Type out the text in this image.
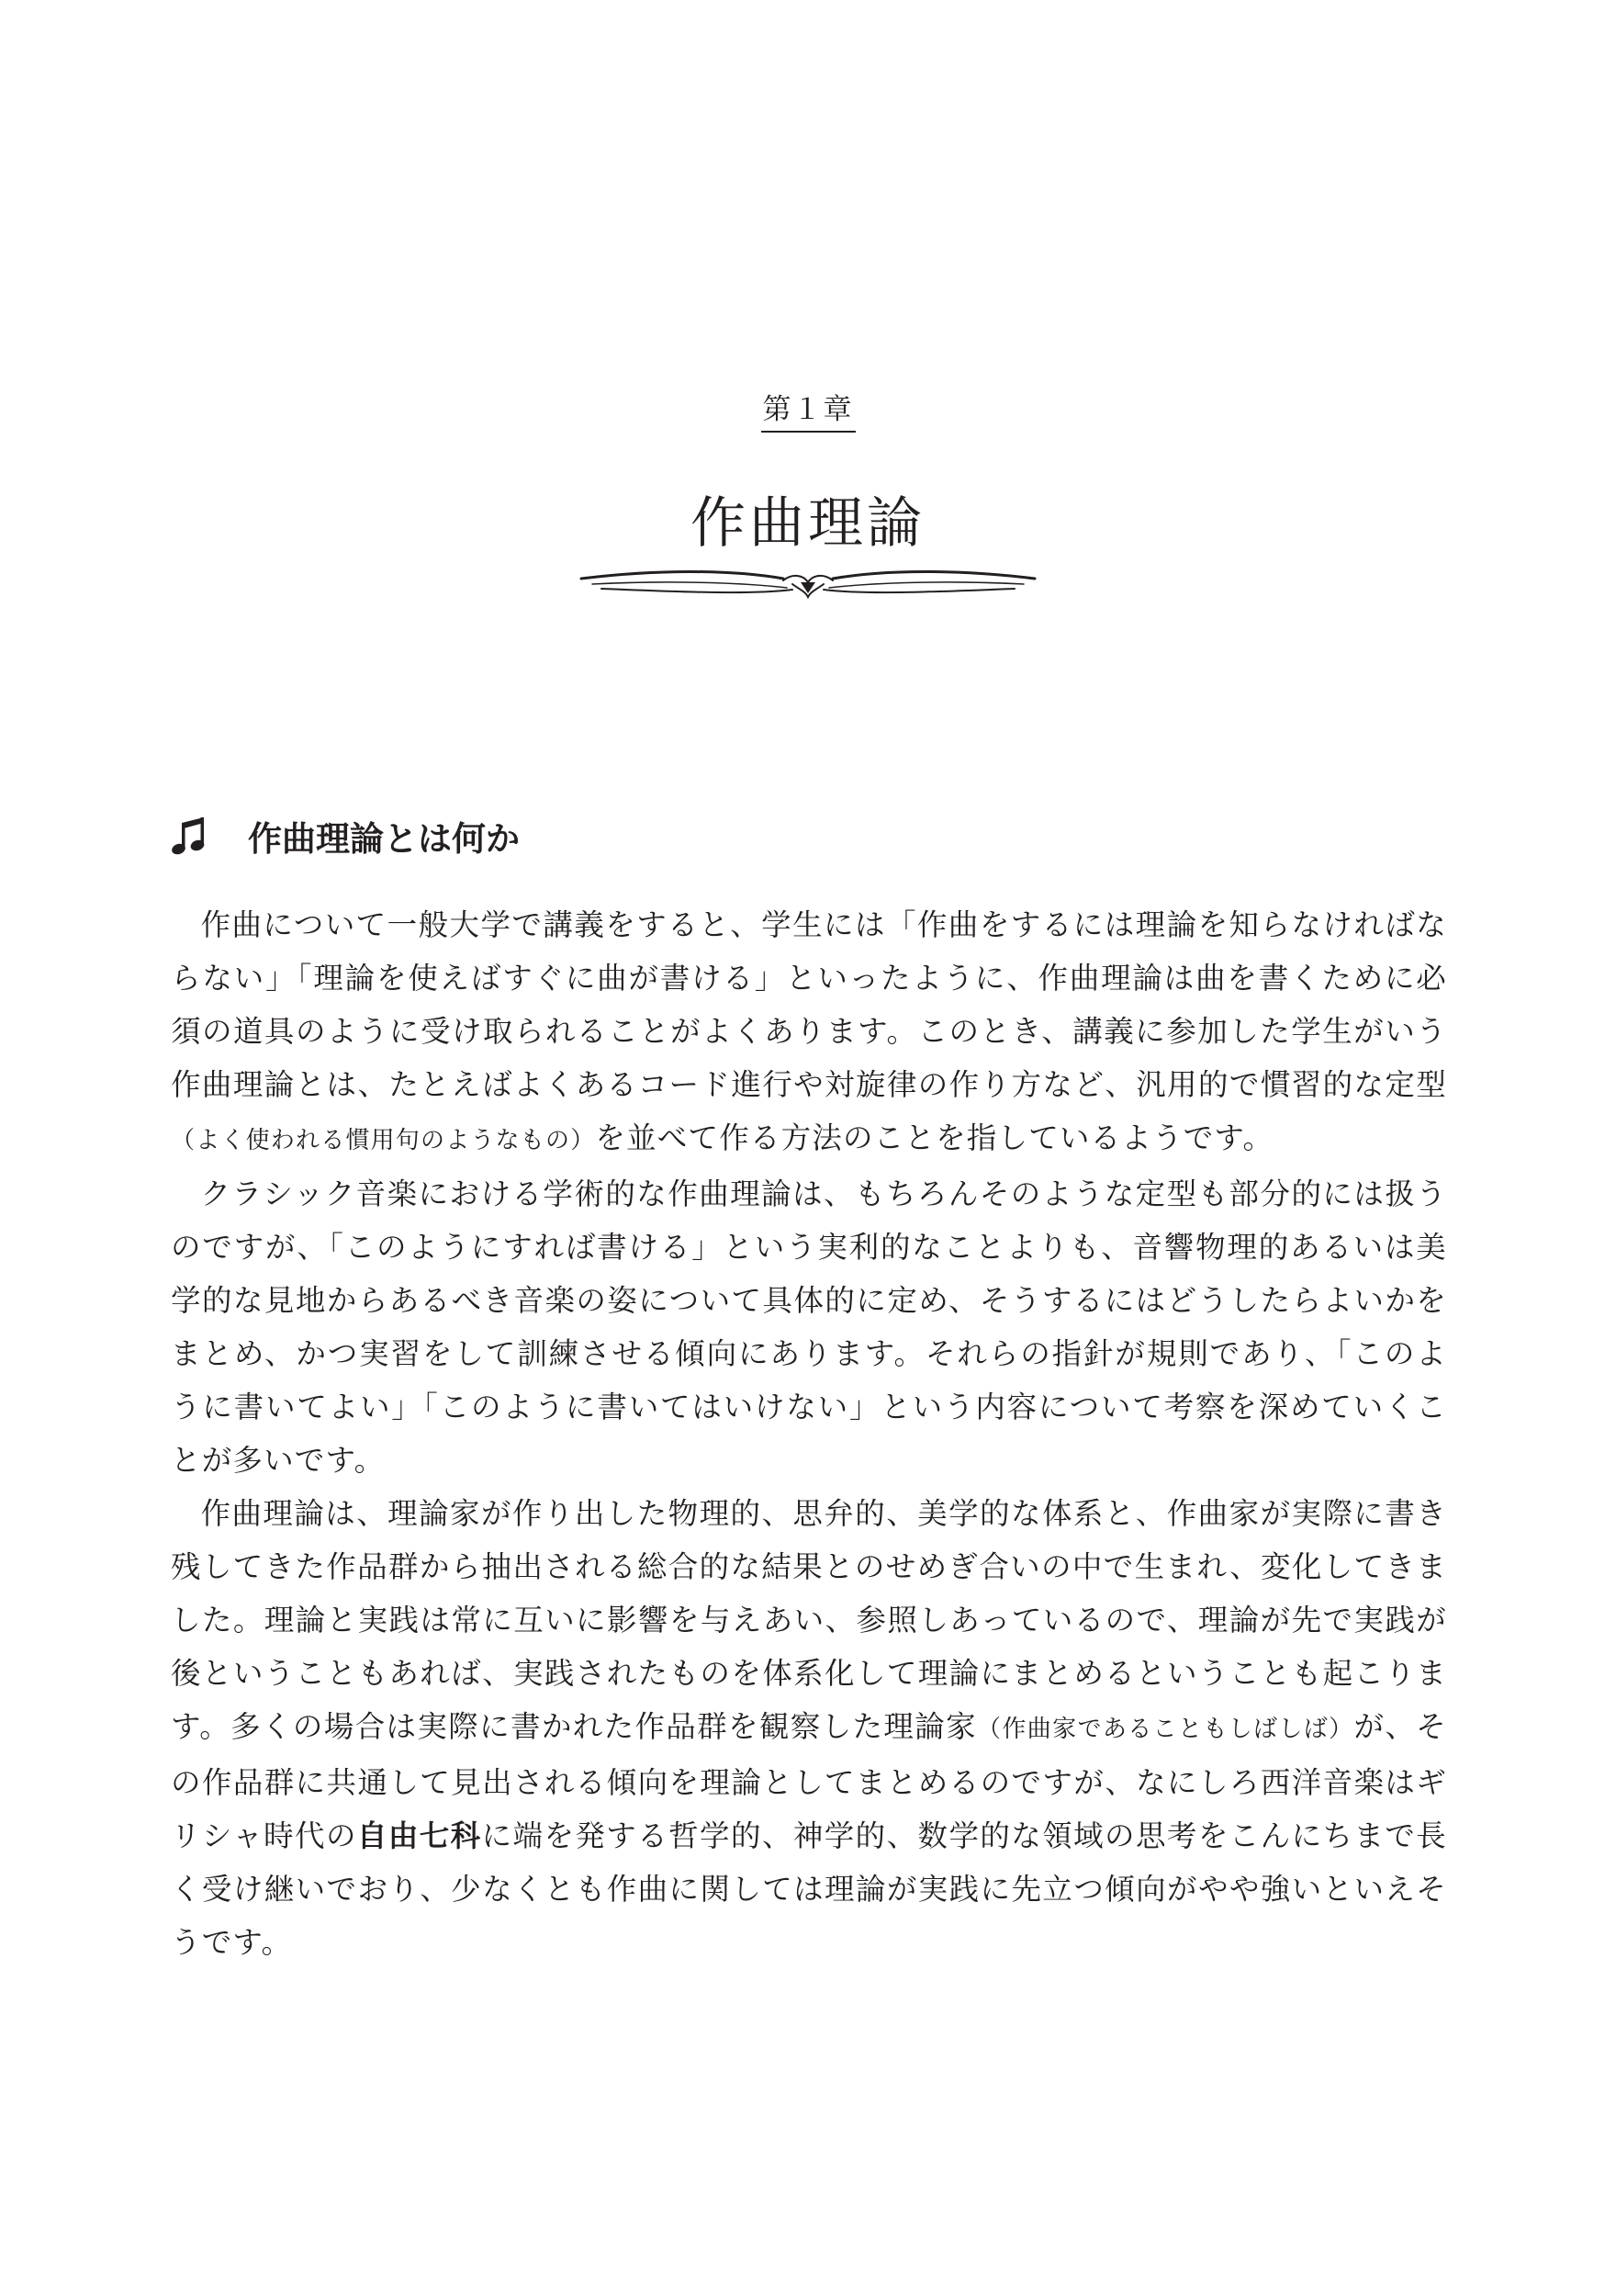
第１章
作曲理論
作曲理論とは何か

作曲について一般大学で講義をすると、学生には「作曲をするには理論を知らなければならない」「理論を使えばすぐに曲が書ける」といったように、作曲理論は曲を書くために必須の道具のように受け取られることがよくあります。このとき、講義に参加した学生がいう作曲理論とは、たとえばよくあるコード進行や対旋律の作り方など、汎用的で慣習的な定型（よく使われる慣用句のようなもの）を並べて作る方法のことを指しているようです。

クラシック音楽における学術的な作曲理論は、もちろんそのような定型も部分的には扱うのですが、「このようにすれば書ける」という実利的なことよりも、音響物理的あるいは美学的な見地からあるべき音楽の姿について具体的に定め、そうするにはどうしたらよいかをまとめ、かつ実習をして訓練させる傾向にあります。それらの指針が規則であり、「このように書いてよい」「このように書いてはいけない」という内容について考察を深めていくことが多いです。

作曲理論は、理論家が作り出した物理的、思弁的、美学的な体系と、作曲家が実際に書き残してきた作品群から抽出される総合的な結果とのせめぎ合いの中で生まれ、変化してきました。理論と実践は常に互いに影響を与えあい、参照しあっているので、理論が先で実践が後ということもあれば、実践されたものを体系化して理論にまとめるということも起こります。多くの場合は実際に書かれた作品群を観察した理論家（作曲家であることもしばしば）が、その作品群に共通して見出される傾向を理論としてまとめるのですが、なにしろ西洋音楽はギリシャ時代の自由七科に端を発する哲学的、神学的、数学的な領域の思考をこんにちまで長く受け継いでおり、少なくとも作曲に関しては理論が実践に先立つ傾向がやや強いといえそうです。
